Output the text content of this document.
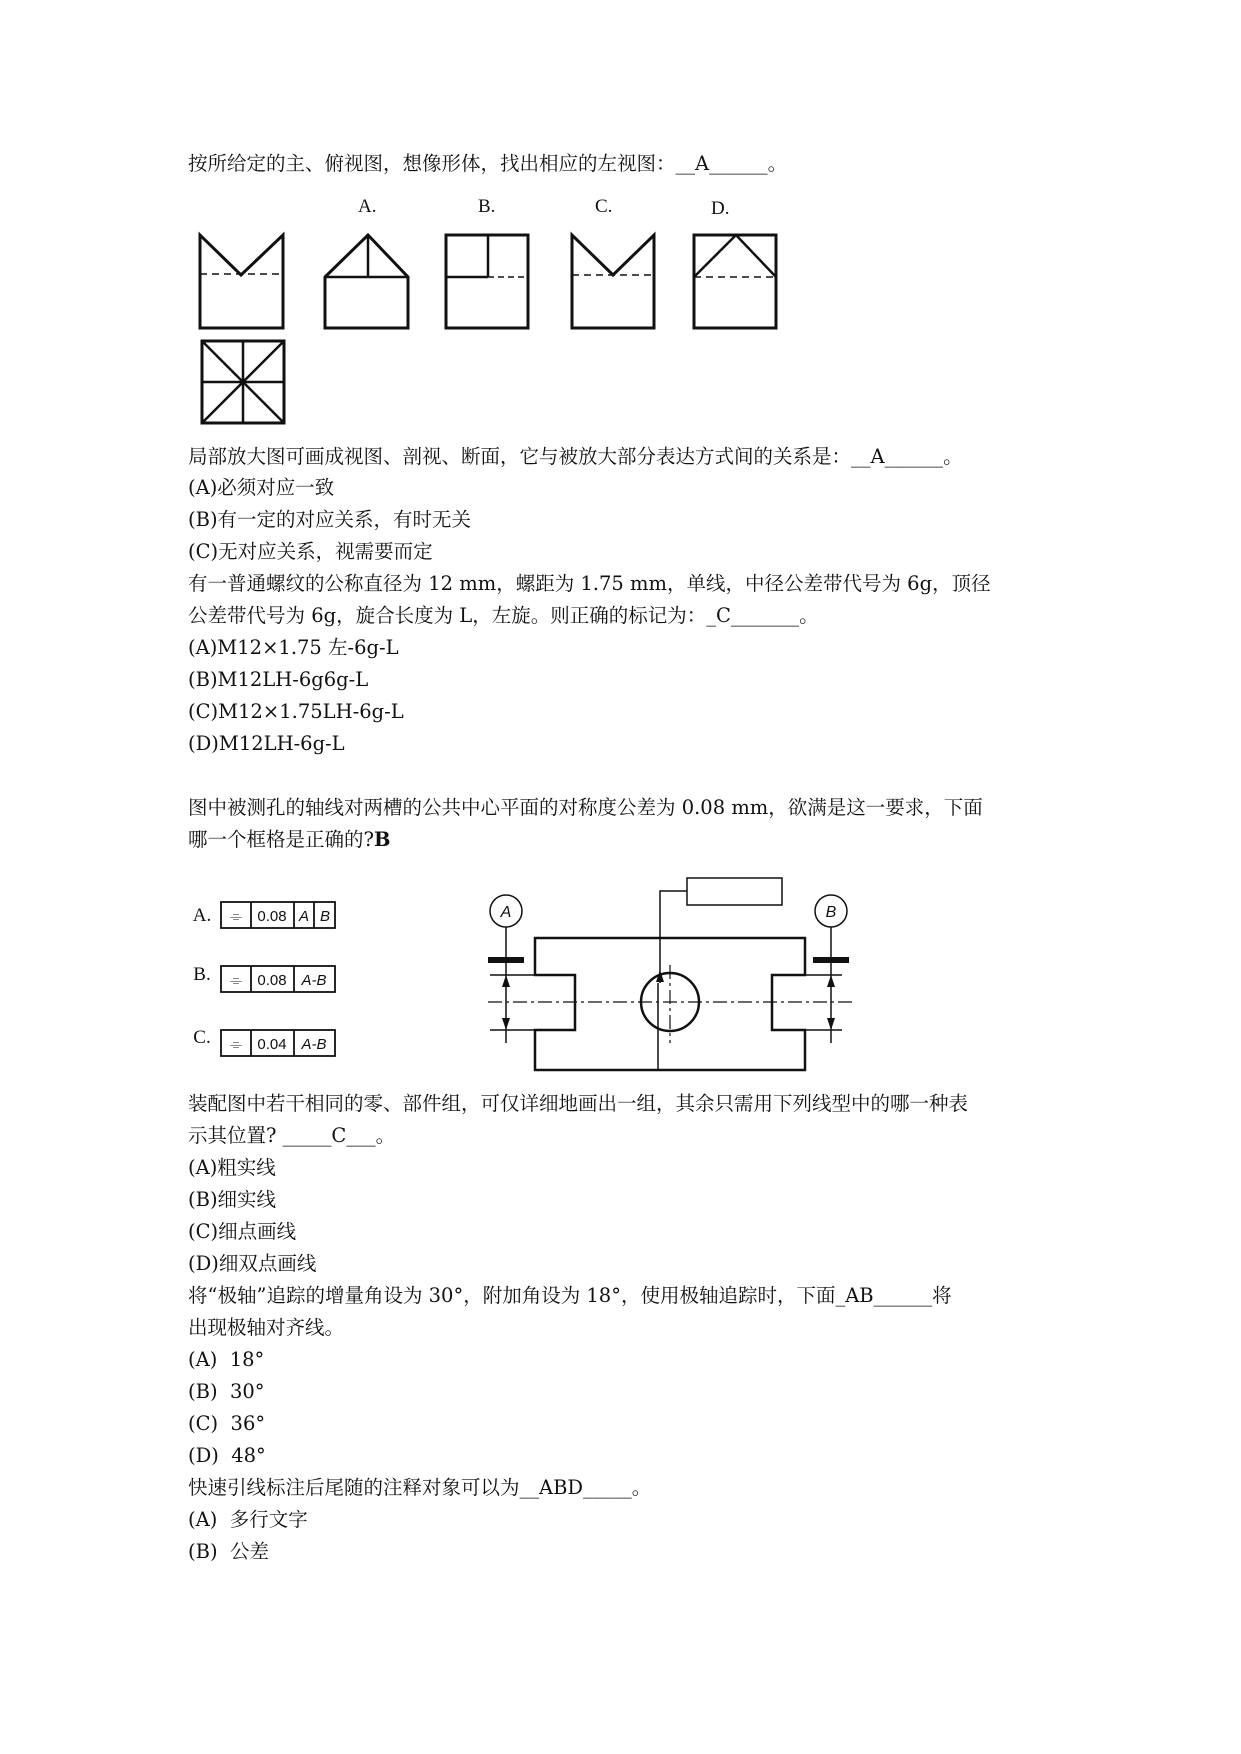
按所给定的主、俯视图，想像形体，找出相应的左视图：__A______。

A.	B.	C.	D.

局部放大图可画成视图、剖视、断面，它与被放大部分表达方式间的关系是：__A______。

(A)必须对应一致

(B)有一定的对应关系，有时无关

(C)无对应关系，视需要而定

有一普通螺纹的公称直径为 12 mm，螺距为 1.75 mm，单线，中径公差带代号为 6g，顶径

公差带代号为 6g，旋合长度为 L，左旋。则正确的标记为：_C_______。

(A)M12×1.75 左-6g-L

(B)M12LH-6g6g-L

(C)M12×1.75LH-6g-L

(D)M12LH-6g-L

图中被测孔的轴线对两槽的公共中心平面的对称度公差为 0.08 mm，欲满是这一要求，下面

哪一个框格是正确的?B

A. ⌯ 0.08 A B
B. ⌯ 0.08 A-B
C. ⌯ 0.04 A-B
A	B

装配图中若干相同的零、部件组，可仅详细地画出一组，其余只需用下列线型中的哪一种表

示其位置? _____C___。

(A)粗实线

(B)细实线

(C)细点画线

(D)细双点画线

将“极轴”追踪的增量角设为 30°，附加角设为 18°，使用极轴追踪时，下面_AB______将

出现极轴对齐线。

(A)  18°

(B)  30°

(C)  36°

(D)  48°

快速引线标注后尾随的注释对象可以为__ABD_____。

(A)  多行文字

(B)  公差
